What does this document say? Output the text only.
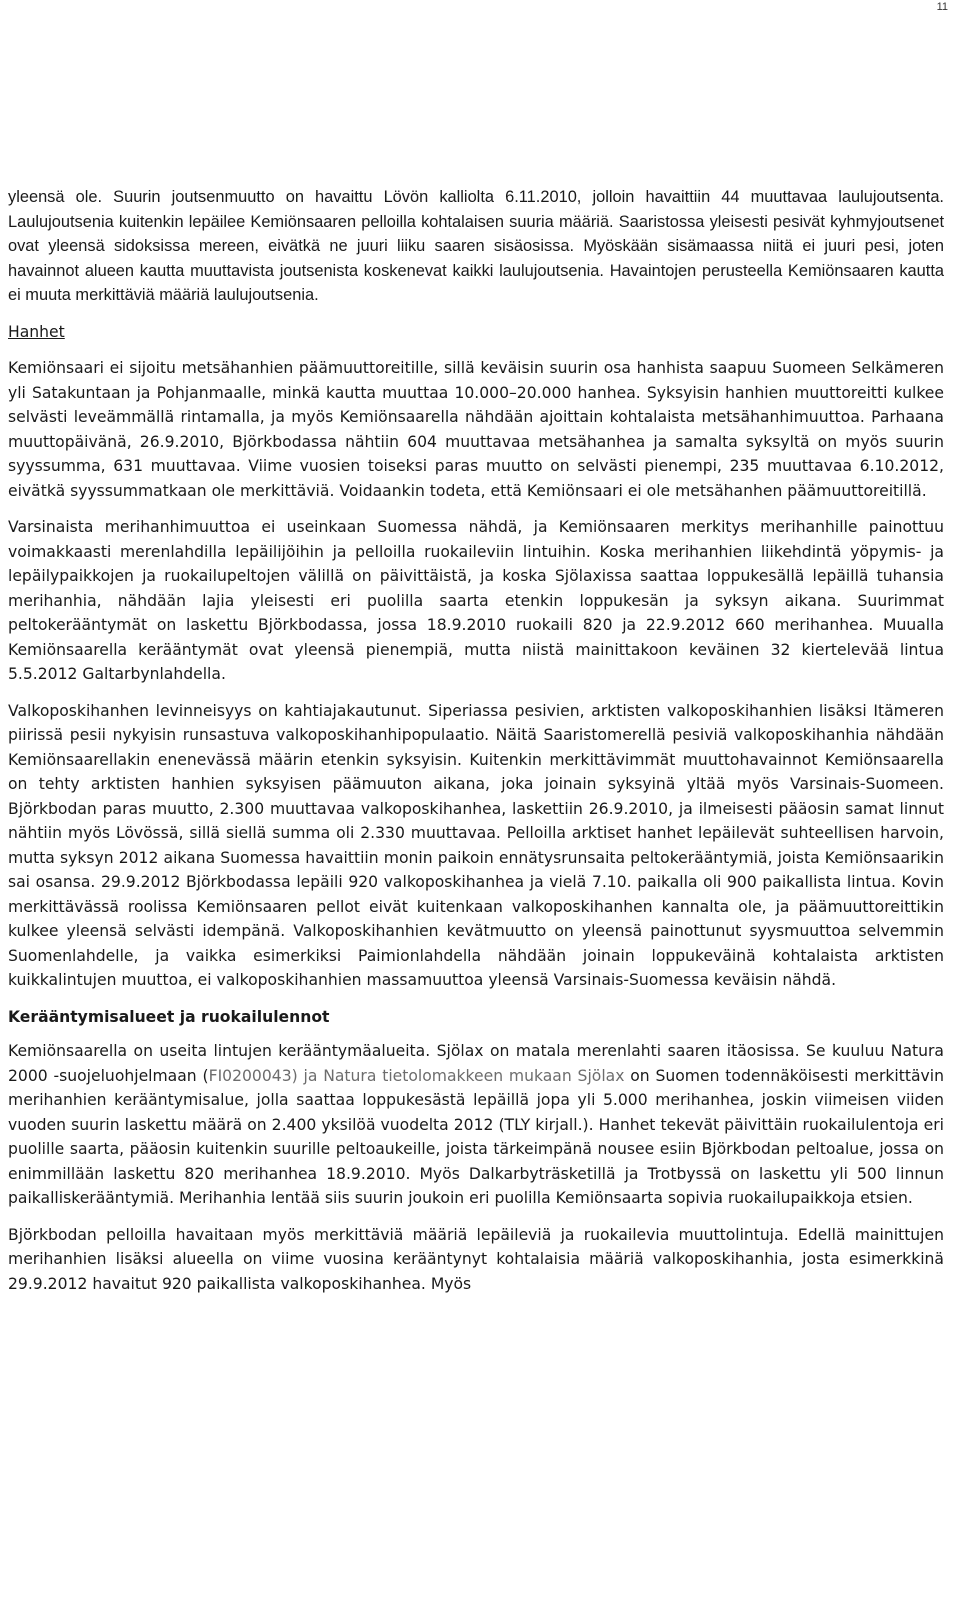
11

yleensä ole. Suurin joutsenmuutto on havaittu Lövön kalliolta 6.11.2010, jolloin havaittiin 44 muuttavaa laulujoutsenta. Laulujoutsenia kuitenkin lepäilee Kemiönsaaren pelloilla kohtalaisen suuria määriä. Saaristossa yleisesti pesivät kyhmyjoutsenet ovat yleensä sidoksissa mereen, eivätkä ne juuri liiku saaren sisäosissa. Myöskään sisämaassa niitä ei juuri pesi, joten havainnot alueen kautta muuttavista joutsenista koskenevat kaikki laulujoutsenia. Havaintojen perusteella Kemiönsaaren kautta ei muuta merkittäviä määriä laulujoutsenia.

Hanhet

Kemiönsaari ei sijoitu metsähanhien päämuuttoreitille, sillä keväisin suurin osa hanhista saapuu Suomeen Selkämeren yli Satakuntaan ja Pohjanmaalle, minkä kautta muuttaa 10.000–20.000 hanhea. Syksyisin hanhien muuttoreitti kulkee selvästi leveämmällä rintamalla, ja myös Kemiönsaarella nähdään ajoittain kohtalaista metsähanhimuuttoa. Parhaana muuttopäivänä, 26.9.2010, Björkbodassa nähtiin 604 muuttavaa metsähanhea ja samalta syksyltä on myös suurin syyssumma, 631 muuttavaa. Viime vuosien toiseksi paras muutto on selvästi pienempi, 235 muuttavaa 6.10.2012, eivätkä syyssummatkaan ole merkittäviä. Voidaankin todeta, että Kemiönsaari ei ole metsähanhen päämuuttoreitillä.

Varsinaista merihanhimuuttoa ei useinkaan Suomessa nähdä, ja Kemiönsaaren merkitys merihanhille painottuu voimakkaasti merenlahdilla lepäilijöihin ja pelloilla ruokaileviin lintuihin. Koska merihanhien liikehdintä yöpymis- ja lepäilypaikkojen ja ruokailupeltojen välillä on päivittäistä, ja koska Sjölaxissa saattaa loppukesällä lepäillä tuhansia merihanhia, nähdään lajia yleisesti eri puolilla saarta etenkin loppukesän ja syksyn aikana. Suurimmat peltokerääntymät on laskettu Björkbodassa, jossa 18.9.2010 ruokaili 820 ja 22.9.2012 660 merihanhea. Muualla Kemiönsaarella kerääntymät ovat yleensä pienempiä, mutta niistä mainittakoon keväinen 32 kiertelevää lintua 5.5.2012 Galtarbynlahdella.

Valkoposkihanhen levinneisyys on kahtiajakautunut. Siperiassa pesivien, arktisten valkoposkihanhien lisäksi Itämeren piirissä pesii nykyisin runsastuva valkoposkihanhipopulaatio. Näitä Saaristomerellä pesiviä valkoposkihanhia nähdään Kemiönsaarellakin enenevässä määrin etenkin syksyisin. Kuitenkin merkittävimmät muuttohavainnot Kemiönsaarella on tehty arktisten hanhien syksyisen päämuuton aikana, joka joinain syksyinä yltää myös Varsinais-Suomeen. Björkbodan paras muutto, 2.300 muuttavaa valkoposkihanhea, laskettiin 26.9.2010, ja ilmeisesti pääosin samat linnut nähtiin myös Lövössä, sillä siellä summa oli 2.330 muuttavaa. Pelloilla arktiset hanhet lepäilevät suhteellisen harvoin, mutta syksyn 2012 aikana Suomessa havaittiin monin paikoin ennätysrunsaita peltokerääntymiä, joista Kemiönsaarikin sai osansa. 29.9.2012 Björkbodassa lepäili 920 valkoposkihanhea ja vielä 7.10. paikalla oli 900 paikallista lintua. Kovin merkittävässä roolissa Kemiönsaaren pellot eivät kuitenkaan valkoposkihanhen kannalta ole, ja päämuuttoreittikin kulkee yleensä selvästi idempänä. Valkoposkihanhien kevätmuutto on yleensä painottunut syysmuuttoa selvemmin Suomenlahdelle, ja vaikka esimerkiksi Paimionlahdella nähdään joinain loppukeväinä kohtalaista arktisten kuikkalintujen muuttoa, ei valkoposkihanhien massamuuttoa yleensä Varsinais-Suomessa keväisin nähdä.

Kerääntymisalueet ja ruokailulennot

Kemiönsaarella on useita lintujen kerääntymäalueita. Sjölax on matala merenlahti saaren itäosissa. Se kuuluu Natura 2000 -suojeluohjelmaan (FI0200043) ja Natura tietolomakkeen mukaan Sjölax on Suomen todennäköisesti merkittävin merihanhien kerääntymisalue, jolla saattaa loppukesästä lepäillä jopa yli 5.000 merihanhea, joskin viimeisen viiden vuoden suurin laskettu määrä on 2.400 yksilöä vuodelta 2012 (TLY kirjall.). Hanhet tekevät päivittäin ruokailulentoja eri puolille saarta, pääosin kuitenkin suurille peltoaukeille, joista tärkeimpänä nousee esiin Björkbodan peltoalue, jossa on enimmillään laskettu 820 merihanhea 18.9.2010. Myös Dalkarbyträsketillä ja Trotbyssä on laskettu yli 500 linnun paikalliskerääntymiä. Merihanhia lentää siis suurin joukoin eri puolilla Kemiönsaarta sopivia ruokailupaikkoja etsien.

Björkbodan pelloilla havaitaan myös merkittäviä määriä lepäileviä ja ruokailevia muuttolintuja. Edellä mainittujen merihanhien lisäksi alueella on viime vuosina kerääntynyt kohtalaisia määriä valkoposkihanhia, josta esimerkkinä 29.9.2012 havaitut 920 paikallista valkoposkihanhea. Myös
